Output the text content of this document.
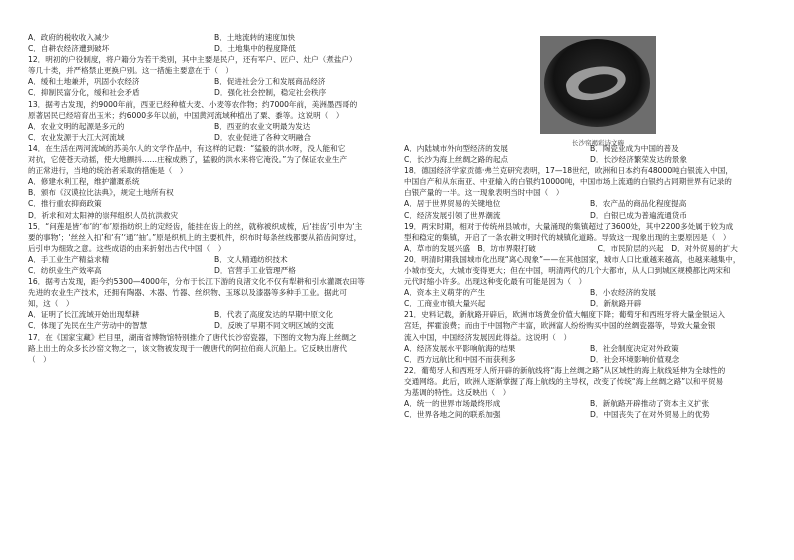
A．政府的税收收入减少	B．土地流转的速度加快
C．自耕农经济遭到破坏	D．土地集中的程度降低
12．明初的户役制度，将户籍分为若干类别，其中主要是民户，还有军户、匠户、灶户（煮盐户）
等几十类，并严格禁止更换户别。这一措施主要意在于（　）
A．缓和土地兼并，巩固小农经济	B．促进社会分工和发展商品经济
C．抑制民富分化，缓和社会矛盾	D．强化社会控制，稳定社会秩序
13．据考古发现，约9000年前，西亚已经种植大麦、小麦等农作物；约7000年前，美洲墨西哥的
原著居民已经培育出玉米；约6000多年以前，中国黄河流域种植出了粟、黍等。这说明（　）
A．农业文明的起源是多元的	B．西亚的农业文明最为发达
C．农业发源于大江大河流域	D．农业促进了各种文明融合
14．在生活在两河流域的苏美尔人的文学作品中，有这样的记载：“猛毅的洪水呀，没人能和它
对抗，它使苍天动摇，使大地颤抖……庄稼成熟了，猛毅的洪水来将它淹没。”为了保证农业生产
的正常进行，当地的统治者采取的措施是（　）
A．修建水利工程，维护灌溉系统
B．颁布《汉谟拉比法典》，规定土地所有权
C．推行重农抑商政策
D．祈求和对太阳神的崇拜组织人员抗洪救灾
15．“问莲是皆‘布’的‘布’原指纺织上的定经齿，能挂在齿上的丝，就称被织成梳，后‘挂齿’引申为‘主
要的事物’；‘丝丝入扣’和‘有’‘通’‘抽’。”原是织机上的主要机件，织布时每条丝线都要从筘齿间穿过，
后引申为细致之意。这些成语的由来折射出古代中国（　）
A．手工业生产精益求精	B．文人精通纺织技术
C．纺织业生产效率高	D．官营手工业管理严格
16．据考古发现，距今约5300—4000年，分布于长江下游的良渚文化不仅有犁耕和引水灌溉农田等
先进的农业生产技术，还拥有陶器、木器、竹器、丝织物、玉琢以及漆器等多种手工业。据此可
知，这（　）
A．证明了长江流域开始出现犁耕	B．代表了高度发达的早期中原文化
C．体现了先民在生产劳动中的智慧	D．反映了早期不同文明区域的交流
17．在《国家宝藏》栏目里，湖南省博物馆特别推介了唐代长沙窑瓷器，下图的文物为海上丝绸之
路上出土的众多长沙窑文物之一，该文物被发现于一艘唐代的阿拉伯商人沉船上。它反映出唐代
（　）
A．内陆城市外向型经济的发展	B．陶瓷业成为中国的普及
C．长沙为海上丝绸之路的起点	D．长沙经济繁荣发达的景象
18．德国经济学家贡德·弗兰克研究表明，17—18世纪，欧洲和日本约有48000吨白银流入中国，
中国自产和从东南亚、中亚输入的白银约10000吨，中国市场上流通的白银约占同期世界有记录的
白银产量的一半。这一现象表明当时中国（　）
A．居于世界贸易的关键地位	B．农产品的商品化程度提高
C．经济发展引领了世界潮流	D．白银已成为普遍流通货币
19．两宋时期，相对于传统州县城市，大量涌现的集镇超过了3600处，其中2200多处属于较为成
型和稳定的集镇，开启了一条农耕文明时代的城镇化道路。导致这一现象出现的主要原因是（　）
A．草市的发展兴盛　B．坊市界限打破	　C．市民阶层的兴起　D．对外贸易的扩大
20．明清时期我国城市化出现“离心现象”——在其他国家，城市人口比重越来越高，也越来越集中，
小城市变大，大城市变得更大；但在中国，明清两代的几个大都市，从人口到城区规模都比两宋和
元代时缩小许多。出现这种变化最有可能是因为（　）
A．资本主义萌芽的产生	B．小农经济的发展
C．工商业市镇大量兴起	D．新航路开辟
21．史料记载，新航路开辟后，欧洲市场黄金价值大幅度下降；葡萄牙和西班牙将大量金银运入
宫廷，挥霍浪费；而由于中国物产丰富，欧洲富人纷纷购买中国的丝绸瓷器等，导致大量金银
流入中国，中国经济发展因此得益。这说明（　）
A．经济发展水平影响航海的结果	B．社会制度决定对外政策
C．西方远航比和中国不而获利多	D．社会环境影响价值观念
22．葡萄牙人和西班牙人所开辟的新航线将“海上丝绸之路”从区域性的海上航线延伸为全球性的
交通网络。此后，欧洲人逐渐掌握了海上航线的主导权，改变了传统“海上丝绸之路”以和平贸易
为基调的特性。这反映出（　）
A．统一的世界市场最终形成	B．新航路开辟推动了资本主义扩张
C．世界各地之间的联系加强	D．中国丧失了在对外贸易上的优势
长沙窑褐彩诗文碗
